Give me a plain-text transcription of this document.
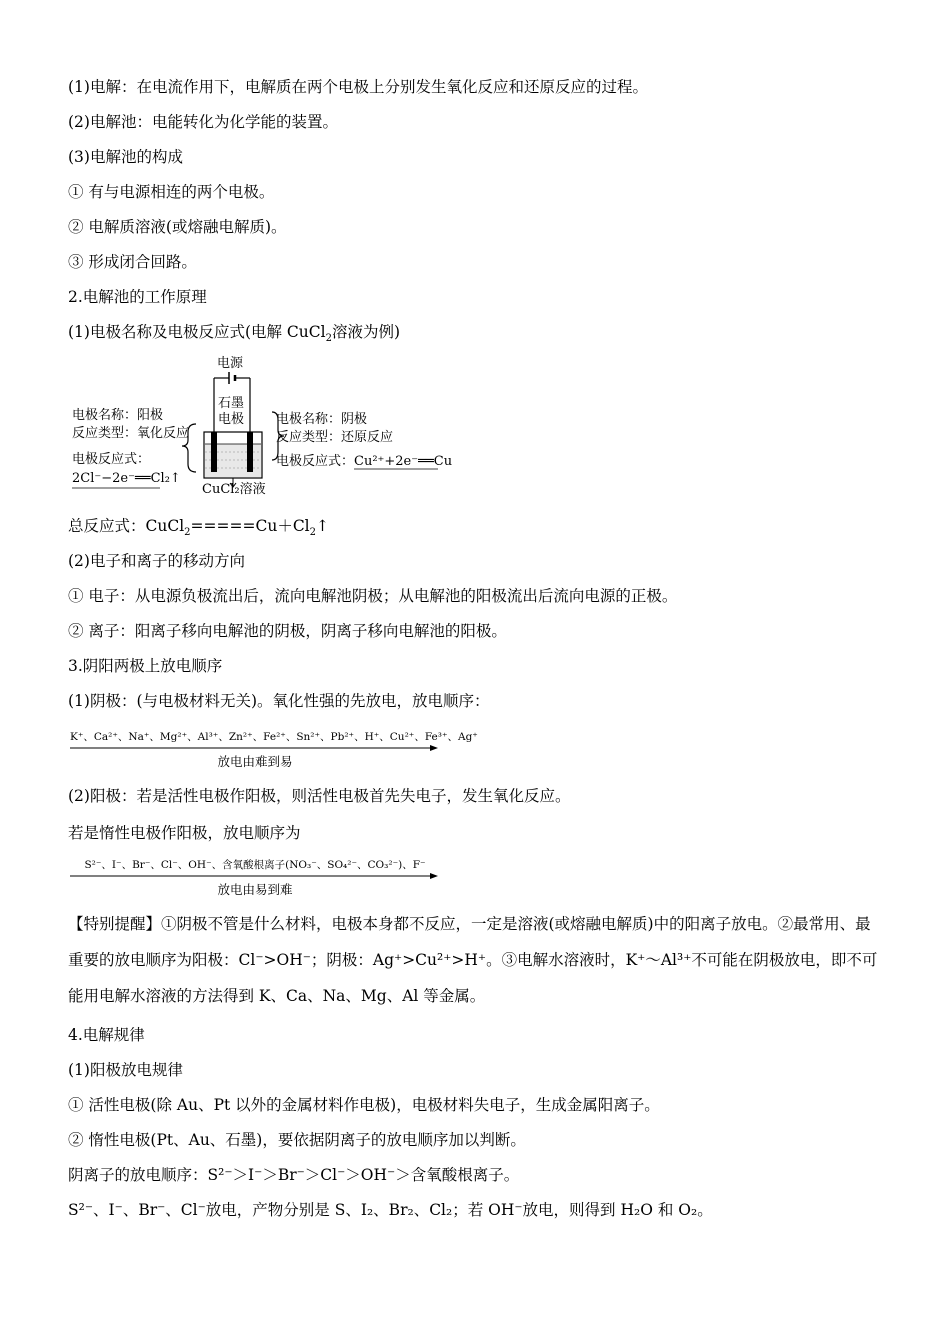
(1)电解：在电流作用下，电解质在两个电极上分别发生氧化反应和还原反应的过程。
(2)电解池：电能转化为化学能的装置。
(3)电解池的构成
① 有与电源相连的两个电极。
② 电解质溶液(或熔融电解质)。
③ 形成闭合回路。
2.电解池的工作原理
(1)电极名称及电极反应式(电解 CuCl$_2$溶液为例)
电源
石墨
电极
电极名称：阳极
反应类型：氧化反应
电极反应式：
2Cl⁻−2e⁻══Cl₂↑
电极名称：阴极
反应类型：还原反应
电极反应式： Cu²⁺+2e⁻══Cu
CuCl₂溶液
总反应式：$CuCl_2=====Cu+Cl_2↑$
(2)电子和离子的移动方向
① 电子：从电源负极流出后，流向电解池阴极；从电解池的阳极流出后流向电源的正极。
② 离子：阳离子移向电解池的阴极，阴离子移向电解池的阳极。
3.阴阳两极上放电顺序
(1)阴极：(与电极材料无关)。氧化性强的先放电，放电顺序：
K⁺、Ca²⁺、Na⁺、Mg²⁺、Al³⁺、Zn²⁺、Fe²⁺、Sn²⁺、Pb²⁺、H⁺、Cu²⁺、Fe³⁺、Ag⁺
放电由难到易
(2)阳极：若是活性电极作阳极，则活性电极首先失电子，发生氧化反应。
若是惰性电极作阳极，放电顺序为
S²⁻、I⁻、Br⁻、Cl⁻、OH⁻、含氧酸根离子(NO₃⁻、SO₄²⁻、CO₃²⁻)、F⁻
放电由易到难
【特别提醒】①阴极不管是什么材料，电极本身都不反应，一定是溶液(或熔融电解质)中的阳离子放电。②最常用、最重要的放电顺序为阳极：Cl⁻>OH⁻；阴极：Ag⁺>Cu²⁺>H⁺。③电解水溶液时，K⁺～Al³⁺不可能在阴极放电，即不可能用电解水溶液的方法得到 K、Ca、Na、Mg、Al 等金属。
4.电解规律
(1)阳极放电规律
① 活性电极(除 Au、Pt 以外的金属材料作电极)，电极材料失电子，生成金属阳离子。
② 惰性电极(Pt、Au、石墨)，要依据阴离子的放电顺序加以判断。
阴离子的放电顺序：S²⁻＞I⁻＞Br⁻＞Cl⁻＞OH⁻＞含氧酸根离子。
S²⁻、I⁻、Br⁻、Cl⁻放电，产物分别是 S、I₂、Br₂、Cl₂；若 OH⁻放电，则得到 H₂O 和 O₂。
